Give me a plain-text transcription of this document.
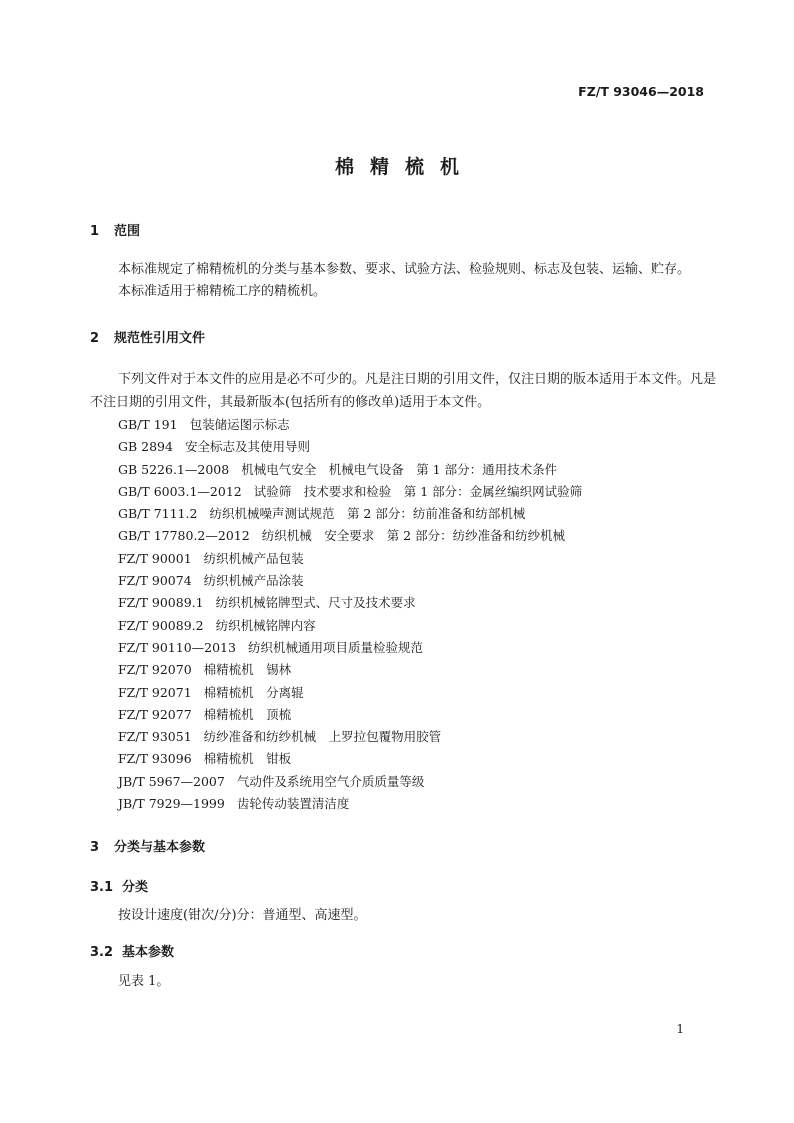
FZ/T 93046—2018
棉精梳机
1 范围
本标准规定了棉精梳机的分类与基本参数、要求、试验方法、检验规则、标志及包装、运输、贮存。
本标准适用于棉精梳工序的精梳机。
2 规范性引用文件
下列文件对于本文件的应用是必不可少的。凡是注日期的引用文件，仅注日期的版本适用于本文件。凡是不注日期的引用文件，其最新版本(包括所有的修改单)适用于本文件。
GB/T 191 包装储运图示标志
GB 2894 安全标志及其使用导则
GB 5226.1—2008 机械电气安全　机械电气设备　第 1 部分：通用技术条件
GB/T 6003.1—2012 试验筛　技术要求和检验　第 1 部分：金属丝编织网试验筛
GB/T 7111.2 纺织机械噪声测试规范　第 2 部分：纺前准备和纺部机械
GB/T 17780.2—2012 纺织机械　安全要求　第 2 部分：纺纱准备和纺纱机械
FZ/T 90001 纺织机械产品包装
FZ/T 90074 纺织机械产品涂装
FZ/T 90089.1 纺织机械铭牌型式、尺寸及技术要求
FZ/T 90089.2 纺织机械铭牌内容
FZ/T 90110—2013 纺织机械通用项目质量检验规范
FZ/T 92070 棉精梳机　锡林
FZ/T 92071 棉精梳机　分离辊
FZ/T 92077 棉精梳机　顶梳
FZ/T 93051 纺纱准备和纺纱机械　上罗拉包覆物用胶管
FZ/T 93096 棉精梳机　钳板
JB/T 5967—2007 气动件及系统用空气介质质量等级
JB/T 7929—1999 齿轮传动装置清洁度
3 分类与基本参数
3.1 分类
按设计速度(钳次/分)分：普通型、高速型。
3.2 基本参数
见表 1。
1
